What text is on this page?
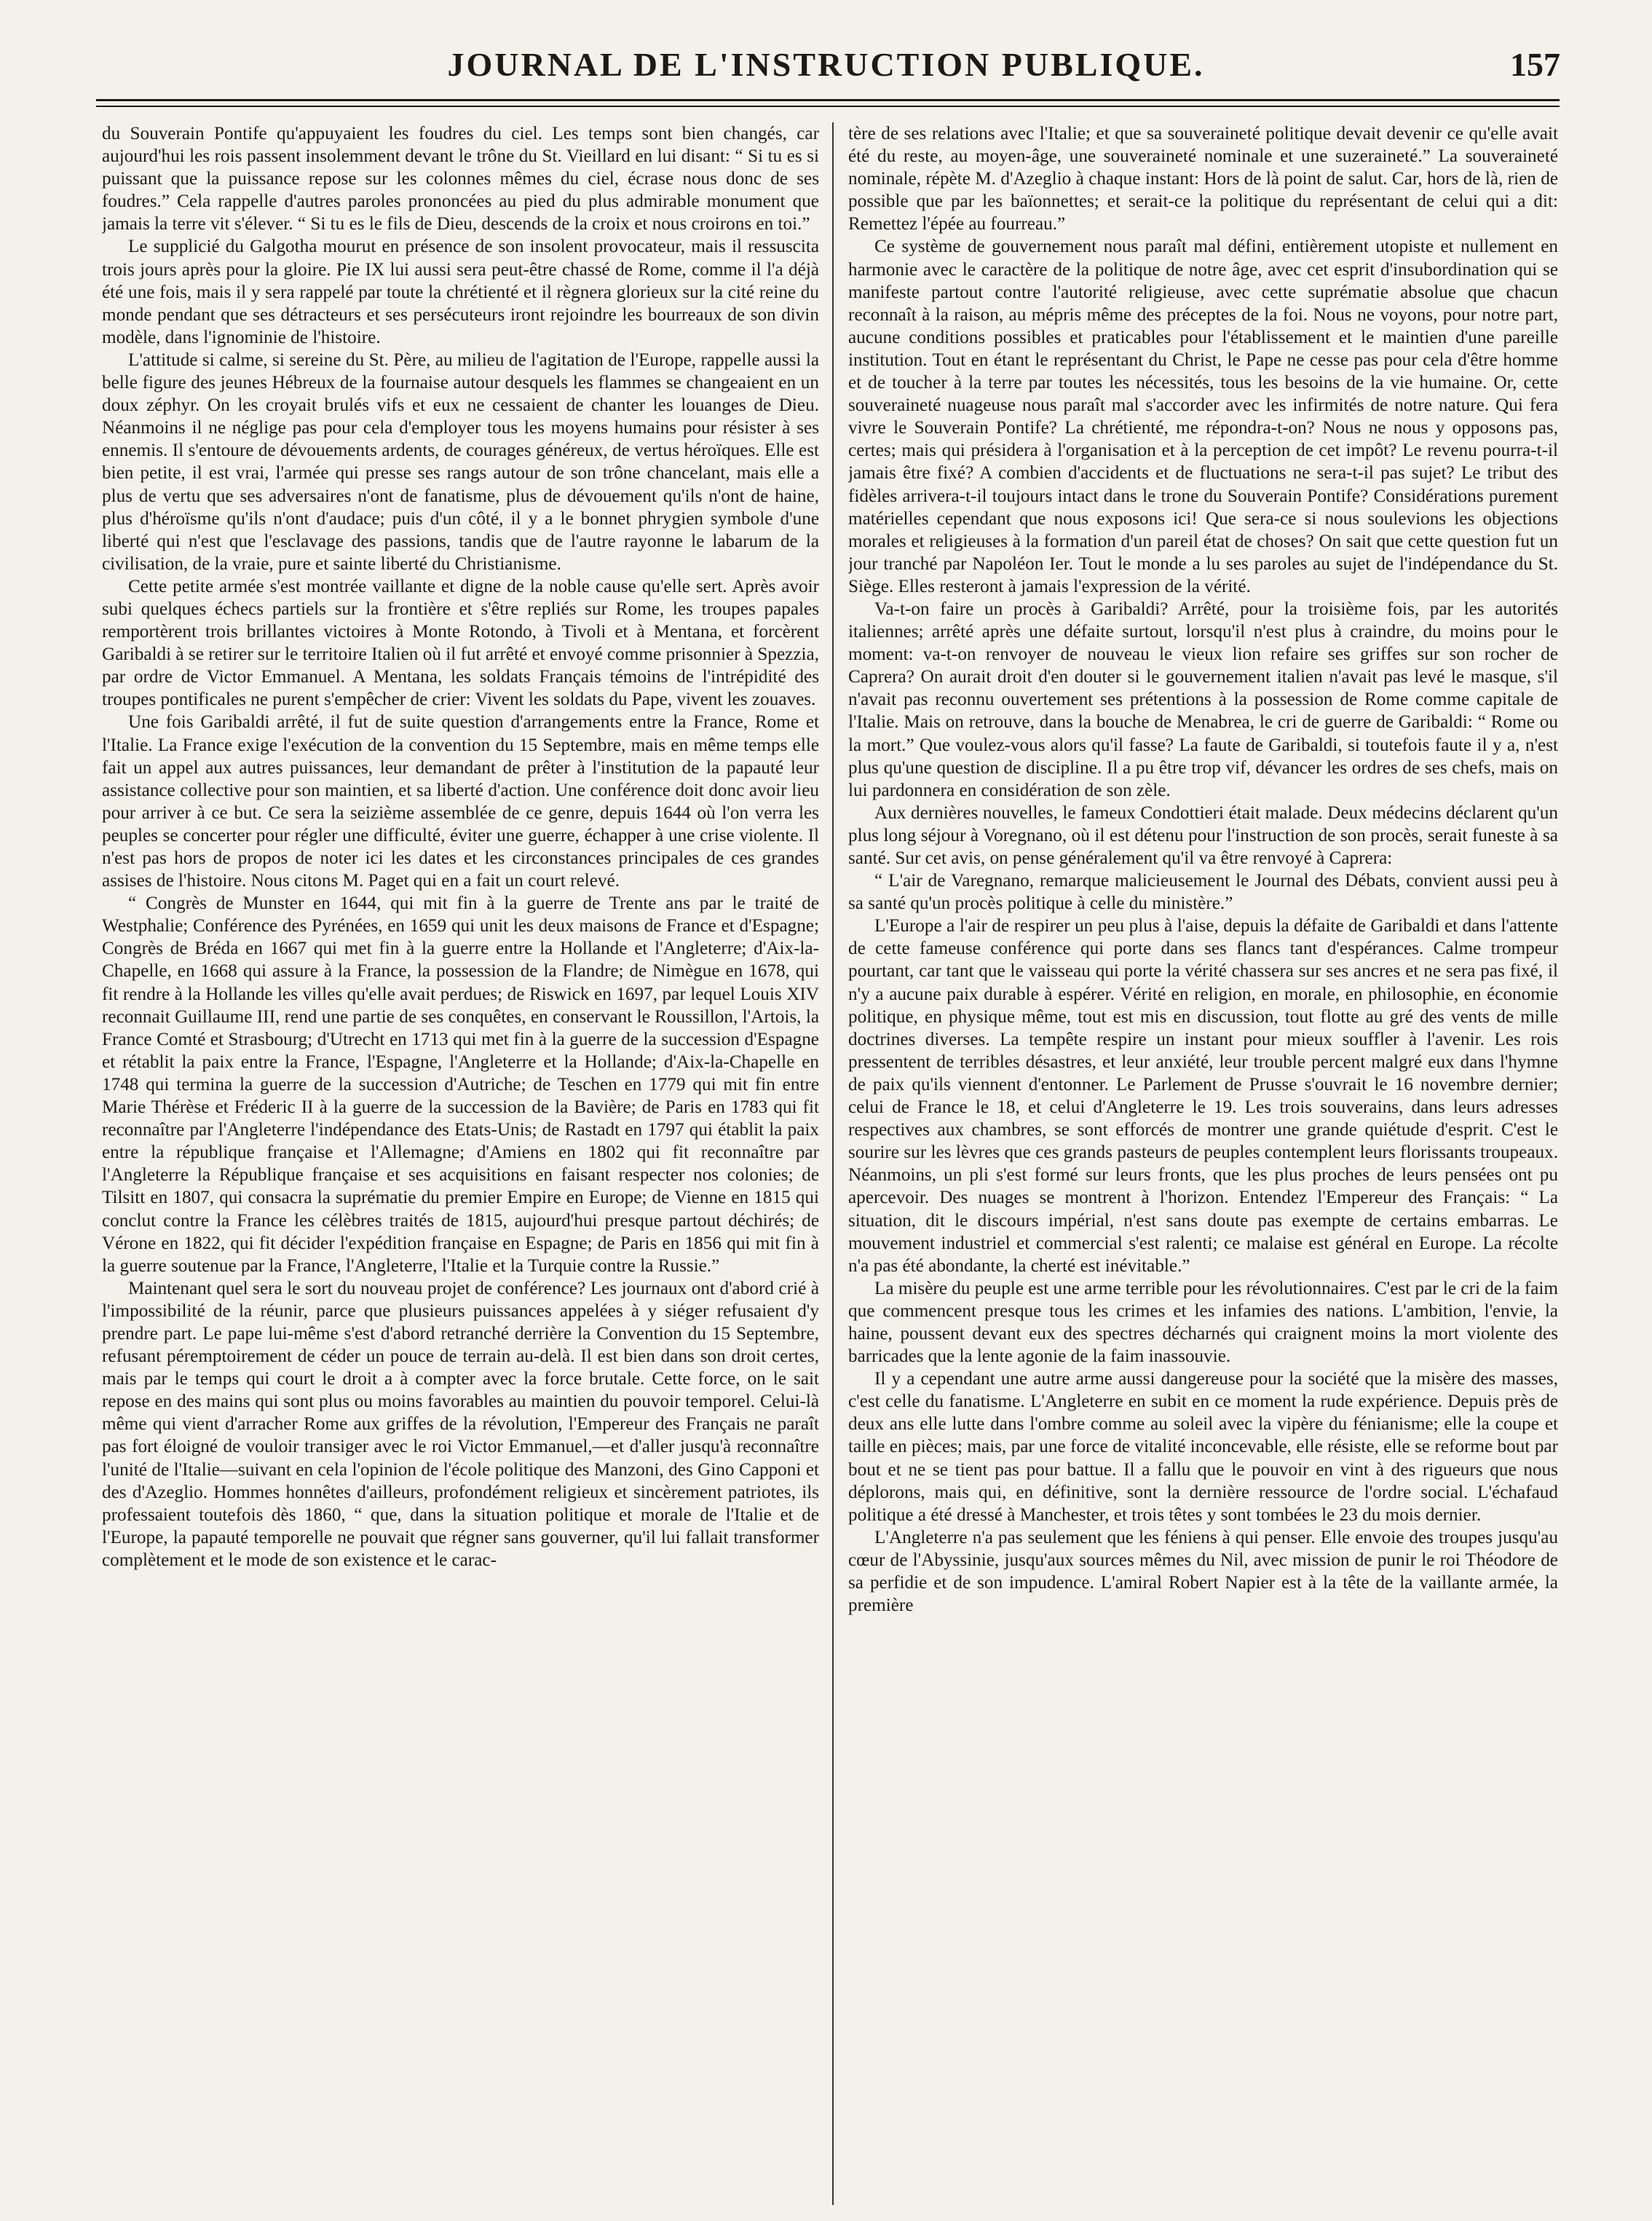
JOURNAL DE L'INSTRUCTION PUBLIQUE.	157

du Souverain Pontife qu'appuyaient les foudres du ciel. Les temps sont bien changés, car aujourd'hui les rois passent insolemment devant le trône du St. Vieillard en lui disant: “ Si tu es si puissant que la puissance repose sur les colonnes mêmes du ciel, écrase nous donc de ses foudres.” Cela rappelle d'autres paroles prononcées au pied du plus admirable monument que jamais la terre vit s'élever. “ Si tu es le fils de Dieu, descends de la croix et nous croirons en toi.”

Le supplicié du Galgotha mourut en présence de son insolent provocateur, mais il ressuscita trois jours après pour la gloire. Pie IX lui aussi sera peut-être chassé de Rome, comme il l'a déjà été une fois, mais il y sera rappelé par toute la chrétienté et il règnera glorieux sur la cité reine du monde pendant que ses détracteurs et ses persécuteurs iront rejoindre les bourreaux de son divin modèle, dans l'ignominie de l'histoire.

L'attitude si calme, si sereine du St. Père, au milieu de l'agitation de l'Europe, rappelle aussi la belle figure des jeunes Hébreux de la fournaise autour desquels les flammes se changeaient en un doux zéphyr. On les croyait brulés vifs et eux ne cessaient de chanter les louanges de Dieu. Néanmoins il ne néglige pas pour cela d'employer tous les moyens humains pour résister à ses ennemis. Il s'entoure de dévouements ardents, de courages généreux, de vertus héroïques. Elle est bien petite, il est vrai, l'armée qui presse ses rangs autour de son trône chancelant, mais elle a plus de vertu que ses adversaires n'ont de fanatisme, plus de dévouement qu'ils n'ont de haine, plus d'héroïsme qu'ils n'ont d'audace; puis d'un côté, il y a le bonnet phrygien symbole d'une liberté qui n'est que l'esclavage des passions, tandis que de l'autre rayonne le labarum de la civilisation, de la vraie, pure et sainte liberté du Christianisme.

Cette petite armée s'est montrée vaillante et digne de la noble cause qu'elle sert. Après avoir subi quelques échecs partiels sur la frontière et s'être repliés sur Rome, les troupes papales remportèrent trois brillantes victoires à Monte Rotondo, à Tivoli et à Mentana, et forcèrent Garibaldi à se retirer sur le territoire Italien où il fut arrêté et envoyé comme prisonnier à Spezzia, par ordre de Victor Emmanuel. A Mentana, les soldats Français témoins de l'intrépidité des troupes pontificales ne purent s'empêcher de crier: Vivent les soldats du Pape, vivent les zouaves.

Une fois Garibaldi arrêté, il fut de suite question d'arrangements entre la France, Rome et l'Italie. La France exige l'exécution de la convention du 15 Septembre, mais en même temps elle fait un appel aux autres puissances, leur demandant de prêter à l'institution de la papauté leur assistance collective pour son maintien, et sa liberté d'action. Une conférence doit donc avoir lieu pour arriver à ce but. Ce sera la seizième assemblée de ce genre, depuis 1644 où l'on verra les peuples se concerter pour régler une difficulté, éviter une guerre, échapper à une crise violente. Il n'est pas hors de propos de noter ici les dates et les circonstances principales de ces grandes assises de l'histoire. Nous citons M. Paget qui en a fait un court relevé.

“ Congrès de Munster en 1644, qui mit fin à la guerre de Trente ans par le traité de Westphalie; Conférence des Pyrénées, en 1659 qui unit les deux maisons de France et d'Espagne; Congrès de Bréda en 1667 qui met fin à la guerre entre la Hollande et l'Angleterre; d'Aix-la-Chapelle, en 1668 qui assure à la France, la possession de la Flandre; de Nimègue en 1678, qui fit rendre à la Hollande les villes qu'elle avait perdues; de Riswick en 1697, par lequel Louis XIV reconnait Guillaume III, rend une partie de ses conquêtes, en conservant le Roussillon, l'Artois, la France Comté et Strasbourg; d'Utrecht en 1713 qui met fin à la guerre de la succession d'Espagne et rétablit la paix entre la France, l'Espagne, l'Angleterre et la Hollande; d'Aix-la-Chapelle en 1748 qui termina la guerre de la succession d'Autriche; de Teschen en 1779 qui mit fin entre Marie Thérèse et Fréderic II à la guerre de la succession de la Bavière; de Paris en 1783 qui fit reconnaître par l'Angleterre l'indépendance des Etats-Unis; de Rastadt en 1797 qui établit la paix entre la république française et l'Allemagne; d'Amiens en 1802 qui fit reconnaître par l'Angleterre la République française et ses acquisitions en faisant respecter nos colonies; de Tilsitt en 1807, qui consacra la suprématie du premier Empire en Europe; de Vienne en 1815 qui conclut contre la France les célèbres traités de 1815, aujourd'hui presque partout déchirés; de Vérone en 1822, qui fit décider l'expédition française en Espagne; de Paris en 1856 qui mit fin à la guerre soutenue par la France, l'Angleterre, l'Italie et la Turquie contre la Russie.”

Maintenant quel sera le sort du nouveau projet de conférence? Les journaux ont d'abord crié à l'impossibilité de la réunir, parce que plusieurs puissances appelées à y siéger refusaient d'y prendre part. Le pape lui-même s'est d'abord retranché derrière la Convention du 15 Septembre, refusant péremptoirement de céder un pouce de terrain au-delà. Il est bien dans son droit certes, mais par le temps qui court le droit a à compter avec la force brutale. Cette force, on le sait repose en des mains qui sont plus ou moins favorables au maintien du pouvoir temporel. Celui-là même qui vient d'arracher Rome aux griffes de la révolution, l'Empereur des Français ne paraît pas fort éloigné de vouloir transiger avec le roi Victor Emmanuel,—et d'aller jusqu'à reconnaître l'unité de l'Italie—suivant en cela l'opinion de l'école politique des Manzoni, des Gino Capponi et des d'Azeglio. Hommes honnêtes d'ailleurs, profondément religieux et sincèrement patriotes, ils professaient toutefois dès 1860, “ que, dans la situation politique et morale de l'Italie et de l'Europe, la papauté temporelle ne pouvait que régner sans gouverner, qu'il lui fallait transformer complètement et le mode de son existence et le carac-

tère de ses relations avec l'Italie; et que sa souveraineté politique devait devenir ce qu'elle avait été du reste, au moyen-âge, une souveraineté nominale et une suzeraineté.” La souveraineté nominale, répète M. d'Azeglio à chaque instant: Hors de là point de salut. Car, hors de là, rien de possible que par les baïonnettes; et serait-ce la politique du représentant de celui qui a dit: Remettez l'épée au fourreau.”

Ce système de gouvernement nous paraît mal défini, entièrement utopiste et nullement en harmonie avec le caractère de la politique de notre âge, avec cet esprit d'insubordination qui se manifeste partout contre l'autorité religieuse, avec cette suprématie absolue que chacun reconnaît à la raison, au mépris même des préceptes de la foi. Nous ne voyons, pour notre part, aucune conditions possibles et praticables pour l'établissement et le maintien d'une pareille institution. Tout en étant le représentant du Christ, le Pape ne cesse pas pour cela d'être homme et de toucher à la terre par toutes les nécessités, tous les besoins de la vie humaine. Or, cette souveraineté nuageuse nous paraît mal s'accorder avec les infirmités de notre nature. Qui fera vivre le Souverain Pontife? La chrétienté, me répondra-t-on? Nous ne nous y opposons pas, certes; mais qui présidera à l'organisation et à la perception de cet impôt? Le revenu pourra-t-il jamais être fixé? A combien d'accidents et de fluctuations ne sera-t-il pas sujet? Le tribut des fidèles arrivera-t-il toujours intact dans le trone du Souverain Pontife? Considérations purement matérielles cependant que nous exposons ici! Que sera-ce si nous soulevions les objections morales et religieuses à la formation d'un pareil état de choses? On sait que cette question fut un jour tranché par Napoléon Ier. Tout le monde a lu ses paroles au sujet de l'indépendance du St. Siège. Elles resteront à jamais l'expression de la vérité.

Va-t-on faire un procès à Garibaldi? Arrêté, pour la troisième fois, par les autorités italiennes; arrêté après une défaite surtout, lorsqu'il n'est plus à craindre, du moins pour le moment: va-t-on renvoyer de nouveau le vieux lion refaire ses griffes sur son rocher de Caprera? On aurait droit d'en douter si le gouvernement italien n'avait pas levé le masque, s'il n'avait pas reconnu ouvertement ses prétentions à la possession de Rome comme capitale de l'Italie. Mais on retrouve, dans la bouche de Menabrea, le cri de guerre de Garibaldi: “ Rome ou la mort.” Que voulez-vous alors qu'il fasse? La faute de Garibaldi, si toutefois faute il y a, n'est plus qu'une question de discipline. Il a pu être trop vif, dévancer les ordres de ses chefs, mais on lui pardonnera en considération de son zèle.

Aux dernières nouvelles, le fameux Condottieri était malade. Deux médecins déclarent qu'un plus long séjour à Voregnano, où il est détenu pour l'instruction de son procès, serait funeste à sa santé. Sur cet avis, on pense généralement qu'il va être renvoyé à Caprera:

“ L'air de Varegnano, remarque malicieusement le Journal des Débats, convient aussi peu à sa santé qu'un procès politique à celle du ministère.”

L'Europe a l'air de respirer un peu plus à l'aise, depuis la défaite de Garibaldi et dans l'attente de cette fameuse conférence qui porte dans ses flancs tant d'espérances. Calme trompeur pourtant, car tant que le vaisseau qui porte la vérité chassera sur ses ancres et ne sera pas fixé, il n'y a aucune paix durable à espérer. Vérité en religion, en morale, en philosophie, en économie politique, en physique même, tout est mis en discussion, tout flotte au gré des vents de mille doctrines diverses. La tempête respire un instant pour mieux souffler à l'avenir. Les rois pressentent de terribles désastres, et leur anxiété, leur trouble percent malgré eux dans l'hymne de paix qu'ils viennent d'entonner. Le Parlement de Prusse s'ouvrait le 16 novembre dernier; celui de France le 18, et celui d'Angleterre le 19. Les trois souverains, dans leurs adresses respectives aux chambres, se sont efforcés de montrer une grande quiétude d'esprit. C'est le sourire sur les lèvres que ces grands pasteurs de peuples contemplent leurs florissants troupeaux. Néanmoins, un pli s'est formé sur leurs fronts, que les plus proches de leurs pensées ont pu apercevoir. Des nuages se montrent à l'horizon. Entendez l'Empereur des Français: “ La situation, dit le discours impérial, n'est sans doute pas exempte de certains embarras. Le mouvement industriel et commercial s'est ralenti; ce malaise est général en Europe. La récolte n'a pas été abondante, la cherté est inévitable.”

La misère du peuple est une arme terrible pour les révolutionnaires. C'est par le cri de la faim que commencent presque tous les crimes et les infamies des nations. L'ambition, l'envie, la haine, poussent devant eux des spectres décharnés qui craignent moins la mort violente des barricades que la lente agonie de la faim inassouvie.

Il y a cependant une autre arme aussi dangereuse pour la société que la misère des masses, c'est celle du fanatisme. L'Angleterre en subit en ce moment la rude expérience. Depuis près de deux ans elle lutte dans l'ombre comme au soleil avec la vipère du fénianisme; elle la coupe et taille en pièces; mais, par une force de vitalité inconcevable, elle résiste, elle se reforme bout par bout et ne se tient pas pour battue. Il a fallu que le pouvoir en vint à des rigueurs que nous déplorons, mais qui, en définitive, sont la dernière ressource de l'ordre social. L'échafaud politique a été dressé à Manchester, et trois têtes y sont tombées le 23 du mois dernier.

L'Angleterre n'a pas seulement que les féniens à qui penser. Elle envoie des troupes jusqu'au cœur de l'Abyssinie, jusqu'aux sources mêmes du Nil, avec mission de punir le roi Théodore de sa perfidie et de son impudence. L'amiral Robert Napier est à la tête de la vaillante armée, la première
